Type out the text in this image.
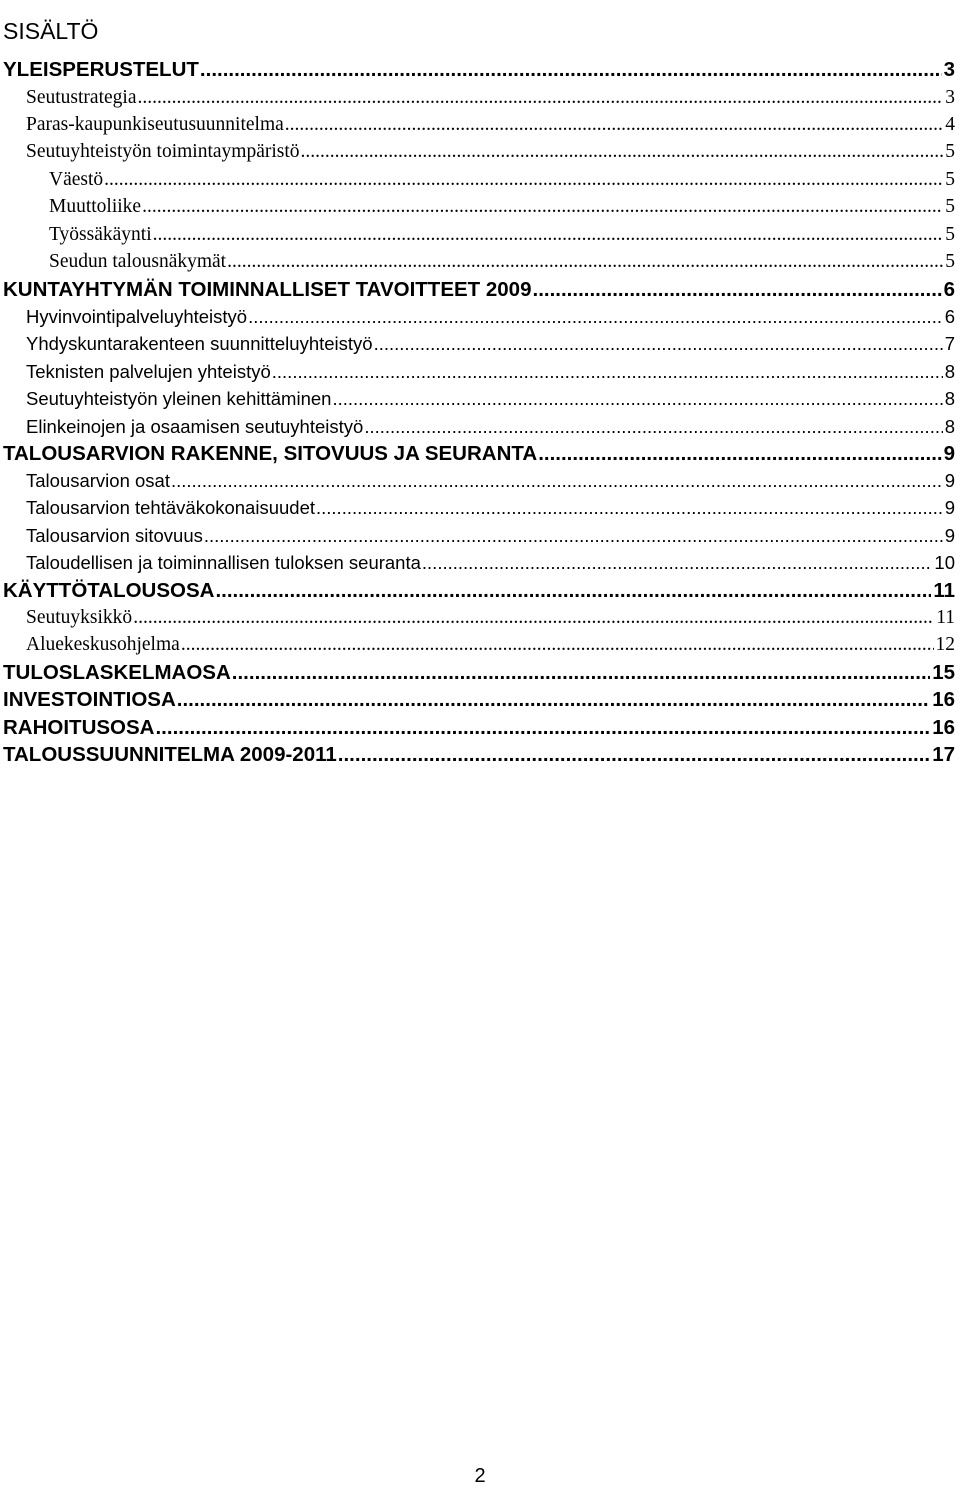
SISÄLTÖ
YLEISPERUSTELUT .....	3
Seutustrategia .....	3
Paras-kaupunkiseutusuunnitelma .....	4
Seutuyhteistyön toimintaympäristö .....	5
Väestö .....	5
Muuttoliike .....	5
Työssäkäynti .....	5
Seudun talousnäkymät .....	5
KUNTAYHTYMÄN TOIMINNALLISET TAVOITTEET 2009 .....	6
Hyvinvointipalveluyhteistyö .....	6
Yhdyskuntarakenteen suunnitteluyhteistyö .....	7
Teknisten palvelujen yhteistyö .....	8
Seutuyhteistyön yleinen kehittäminen .....	8
Elinkeinojen ja osaamisen seutuyhteistyö .....	8
TALOUSARVION RAKENNE, SITOVUUS JA SEURANTA .....	9
Talousarvion osat .....	9
Talousarvion tehtäväkokonaisuudet .....	9
Talousarvion sitovuus .....	9
Taloudellisen ja toiminnallisen tuloksen seuranta .....	10
KÄYTTÖTALOUSOSA .....	11
Seutuyksikkö .....	11
Aluekeskusohjelma .....	12
TULOSLASKELMAOSA .....	15
INVESTOINTIOSA .....	16
RAHOITUSOSA .....	16
TALOUSSUUNNITELMA 2009-2011 .....	17
2
